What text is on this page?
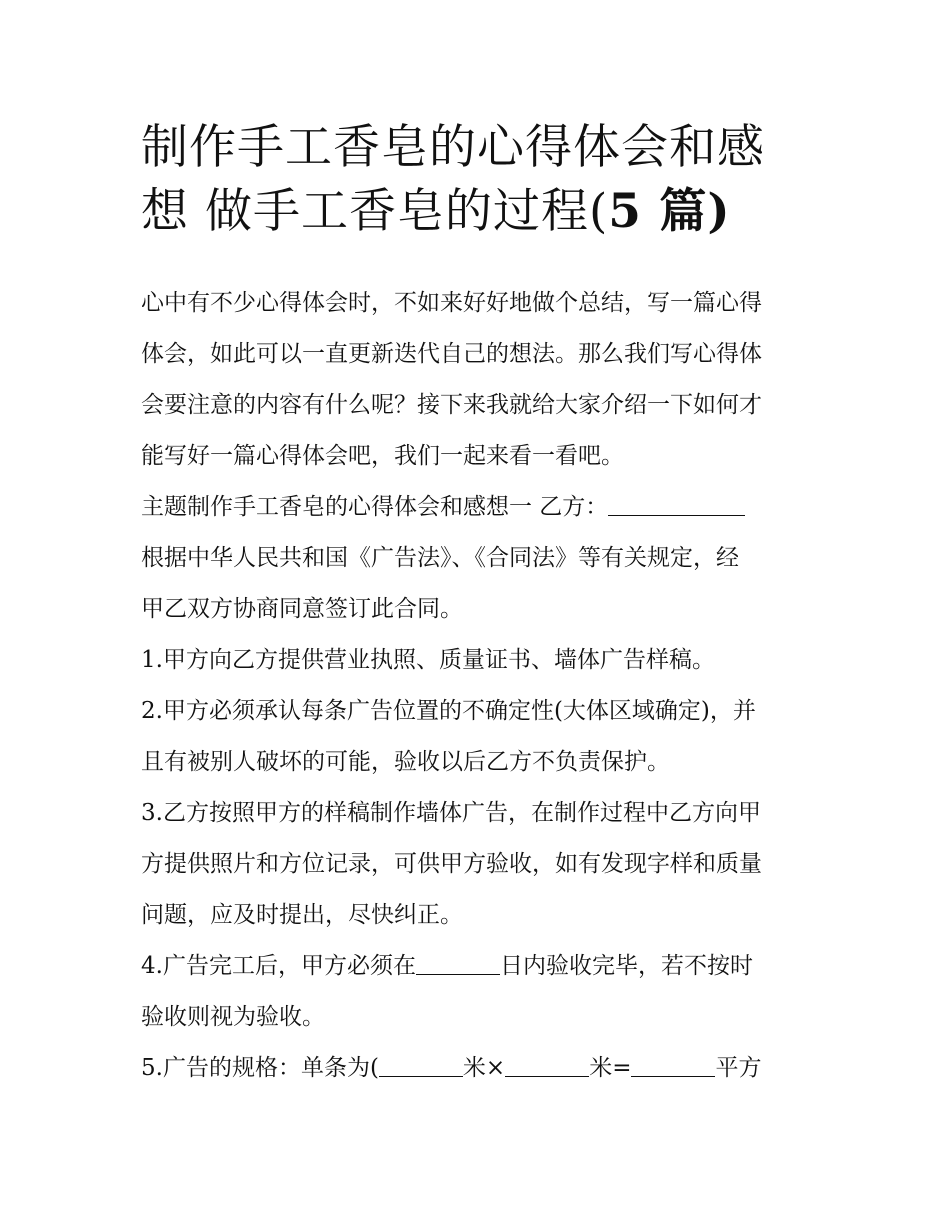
制作手工香皂的心得体会和感
想 做手工香皂的过程(5 篇)
心中有不少心得体会时，不如来好好地做个总结，写一篇心得
体会，如此可以一直更新迭代自己的想法。那么我们写心得体
会要注意的内容有什么呢？接下来我就给大家介绍一下如何才
能写好一篇心得体会吧，我们一起来看一看吧。
主题制作手工香皂的心得体会和感想一 乙方：
根据中华人民共和国《广告法》、《合同法》等有关规定，经
甲乙双方协商同意签订此合同。
1.甲方向乙方提供营业执照、质量证书、墙体广告样稿。
2.甲方必须承认每条广告位置的不确定性(大体区域确定)，并
且有被别人破坏的可能，验收以后乙方不负责保护。
3.乙方按照甲方的样稿制作墙体广告，在制作过程中乙方向甲
方提供照片和方位记录，可供甲方验收，如有发现字样和质量
问题，应及时提出，尽快纠正。
4.广告完工后，甲方必须在	日内验收完毕，若不按时
验收则视为验收。
5.广告的规格：单条为(	米×	米=	平方
